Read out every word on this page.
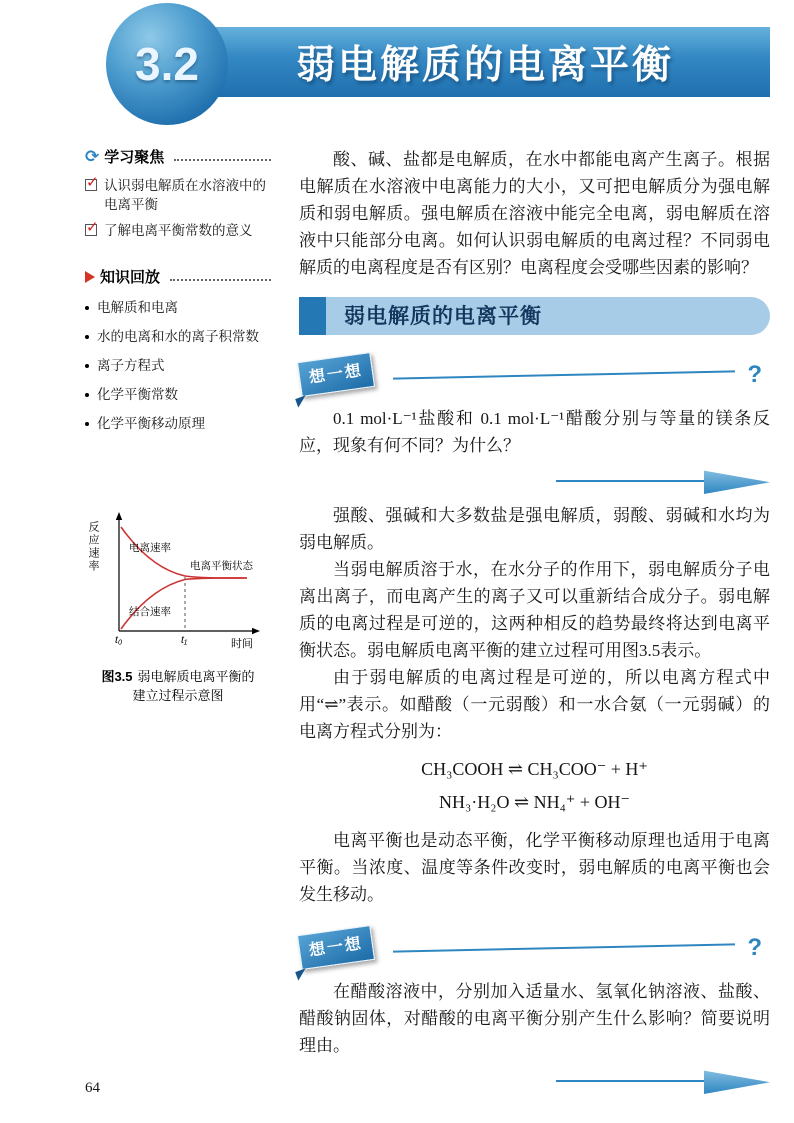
3.2 弱电解质的电离平衡
⟳
学习聚焦
✓
认识弱电解质在水溶液中的电离平衡
✓
了解电离平衡常数的意义
知识回放
电解质和电离
水的电离和水的离子积常数
离子方程式
化学平衡常数
化学平衡移动原理
反应速率	电离速率
结合速率
电离平衡状态
t₀	t₁	时间
图3.5 弱电解质电离平衡的
建立过程示意图

酸、碱、盐都是电解质，在水中都能电离产生离子。根据电解质在水溶液中电离能力的大小，又可把电解质分为强电解质和弱电解质。强电解质在溶液中能完全电离，弱电解质在溶液中只能部分电离。如何认识弱电解质的电离过程？不同弱电解质的电离程度是否有区别？电离程度会受哪些因素的影响？

弱电解质的电离平衡
想一想	?

0.1 mol·L⁻¹盐酸和 0.1 mol·L⁻¹醋酸分别与等量的镁条反应，现象有何不同？为什么？

强酸、强碱和大多数盐是强电解质，弱酸、弱碱和水均为弱电解质。

当弱电解质溶于水，在水分子的作用下，弱电解质分子电离出离子，而电离产生的离子又可以重新结合成分子。弱电解质的电离过程是可逆的，这两种相反的趋势最终将达到电离平衡状态。弱电解质电离平衡的建立过程可用图3.5表示。

由于弱电解质的电离过程是可逆的，所以电离方程式中用“⇌”表示。如醋酸（一元弱酸）和一水合氨（一元弱碱）的电离方程式分别为：

CH₃COOH ⇌ CH₃COO⁻ + H⁺
NH₃·H₂O ⇌ NH₄⁺ + OH⁻

电离平衡也是动态平衡，化学平衡移动原理也适用于电离平衡。当浓度、温度等条件改变时，弱电解质的电离平衡也会发生移动。

想一想	?

在醋酸溶液中，分别加入适量水、氢氧化钠溶液、盐酸、醋酸钠固体，对醋酸的电离平衡分别产生什么影响？简要说明理由。

64
